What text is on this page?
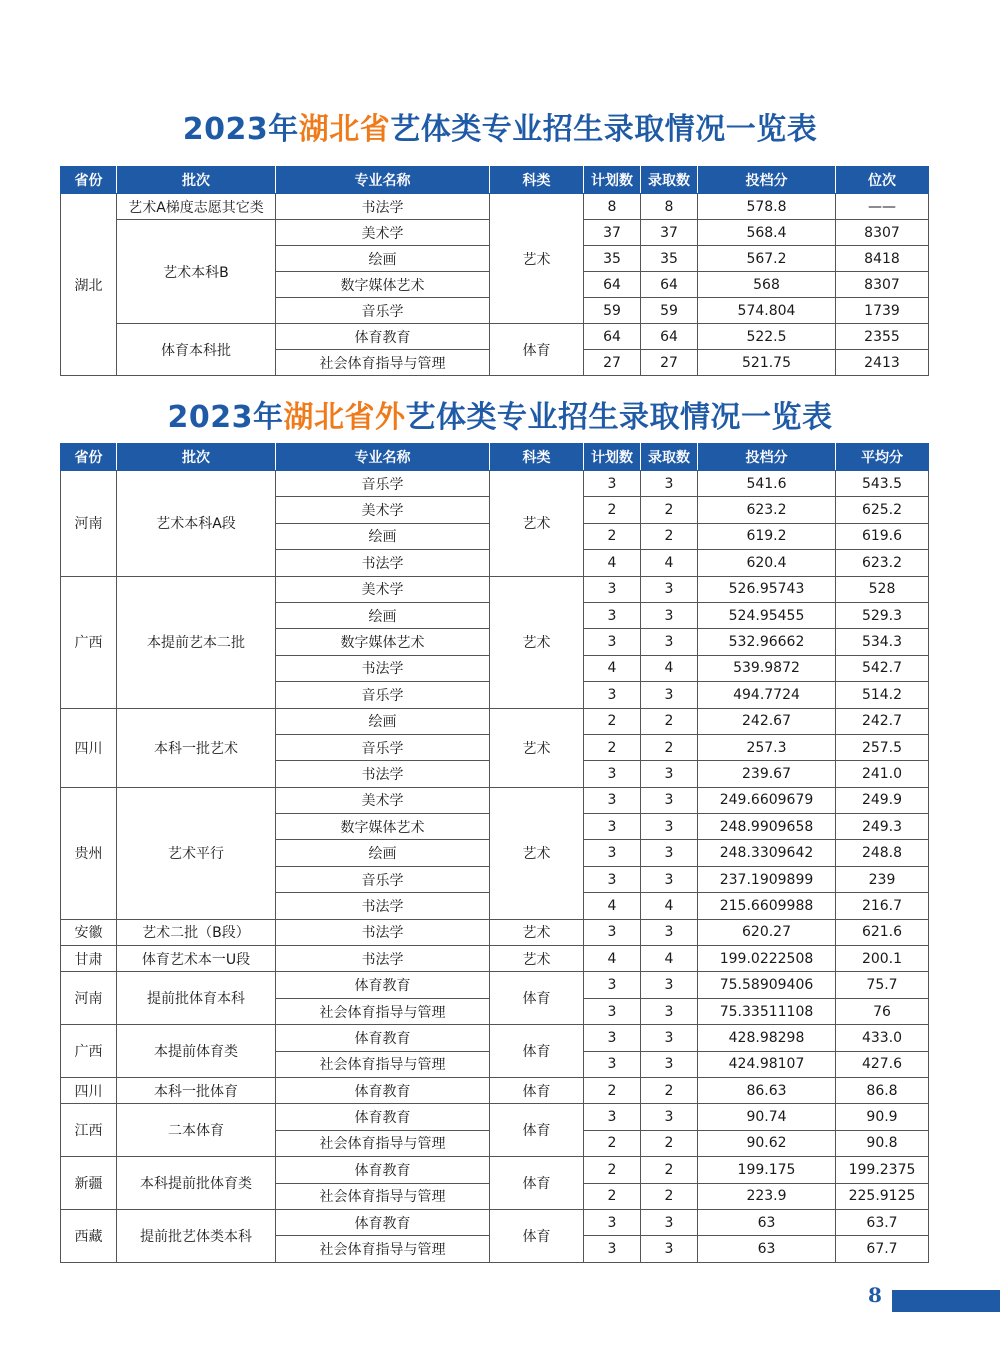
2023年湖北省艺体类专业招生录取情况一览表
省份	批次	专业名称	科类	计划数	录取数	投档分	位次
湖北	艺术A梯度志愿其它类	书法学	艺术	8	8	578.8	——
	艺术本科B	美术学		37	37	568.4	8307
		绘画		35	35	567.2	8418
		数字媒体艺术		64	64	568	8307
		音乐学		59	59	574.804	1739
	体育本科批	体育教育	体育	64	64	522.5	2355
		社会体育指导与管理		27	27	521.75	2413
2023年湖北省外艺体类专业招生录取情况一览表
省份	批次	专业名称	科类	计划数	录取数	投档分	平均分
河南	艺术本科A段	音乐学	艺术	3	3	541.6	543.5
		美术学		2	2	623.2	625.2
		绘画		2	2	619.2	619.6
		书法学		4	4	620.4	623.2
广西	本提前艺本二批	美术学	艺术	3	3	526.95743	528
		绘画		3	3	524.95455	529.3
		数字媒体艺术		3	3	532.96662	534.3
		书法学		4	4	539.9872	542.7
		音乐学		3	3	494.7724	514.2
四川	本科一批艺术	绘画	艺术	2	2	242.67	242.7
		音乐学		2	2	257.3	257.5
		书法学		3	3	239.67	241.0
贵州	艺术平行	美术学	艺术	3	3	249.6609679	249.9
		数字媒体艺术		3	3	248.9909658	249.3
		绘画		3	3	248.3309642	248.8
		音乐学		3	3	237.1909899	239
		书法学		4	4	215.6609988	216.7
安徽	艺术二批（B段）	书法学	艺术	3	3	620.27	621.6
甘肃	体育艺术本一U段	书法学	艺术	4	4	199.0222508	200.1
河南	提前批体育本科	体育教育	体育	3	3	75.58909406	75.7
		社会体育指导与管理		3	3	75.33511108	76
广西	本提前体育类	体育教育	体育	3	3	428.98298	433.0
		社会体育指导与管理		3	3	424.98107	427.6
四川	本科一批体育	体育教育	体育	2	2	86.63	86.8
江西	二本体育	体育教育	体育	3	3	90.74	90.9
		社会体育指导与管理		2	2	90.62	90.8
新疆	本科提前批体育类	体育教育	体育	2	2	199.175	199.2375
		社会体育指导与管理		2	2	223.9	225.9125
西藏	提前批艺体类本科	体育教育	体育	3	3	63	63.7
		社会体育指导与管理		3	3	63	67.7
8
